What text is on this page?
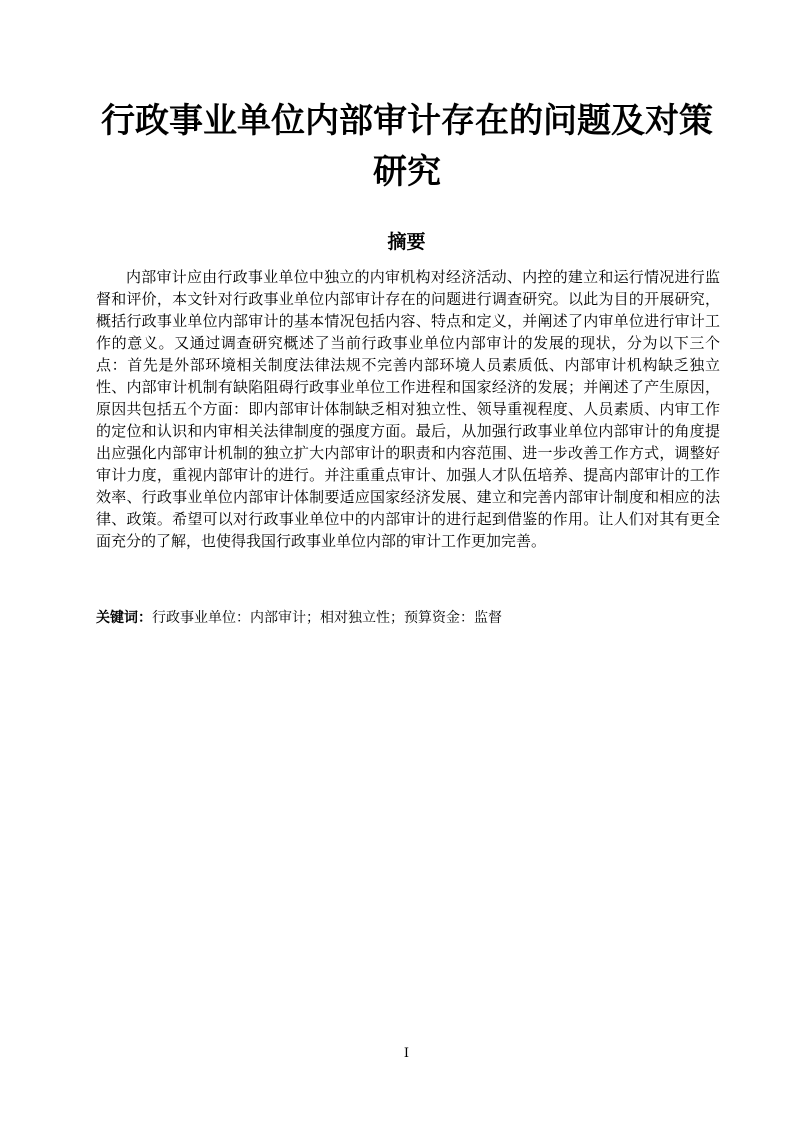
行政事业单位内部审计存在的问题及对策研究
摘要

内部审计应由行政事业单位中独立的内审机构对经济活动、内控的建立和运行情况进行监督和评价，本文针对行政事业单位内部审计存在的问题进行调查研究。以此为目的开展研究，概括行政事业单位内部审计的基本情况包括内容、特点和定义，并阐述了内审单位进行审计工作的意义。又通过调查研究概述了当前行政事业单位内部审计的发展的现状，分为以下三个点：首先是外部环境相关制度法律法规不完善内部环境人员素质低、内部审计机构缺乏独立性、内部审计机制有缺陷阻碍行政事业单位工作进程和国家经济的发展；并阐述了产生原因，原因共包括五个方面：即内部审计体制缺乏相对独立性、领导重视程度、人员素质、内审工作的定位和认识和内审相关法律制度的强度方面。最后，从加强行政事业单位内部审计的角度提出应强化内部审计机制的独立扩大内部审计的职责和内容范围、进一步改善工作方式，调整好审计力度，重视内部审计的进行。并注重重点审计、加强人才队伍培养、提高内部审计的工作效率、行政事业单位内部审计体制要适应国家经济发展、建立和完善内部审计制度和相应的法律、政策。希望可以对行政事业单位中的内部审计的进行起到借鉴的作用。让人们对其有更全面充分的了解，也使得我国行政事业单位内部的审计工作更加完善。

关键词：行政事业单位：内部审计；相对独立性；预算资金：监督

I
